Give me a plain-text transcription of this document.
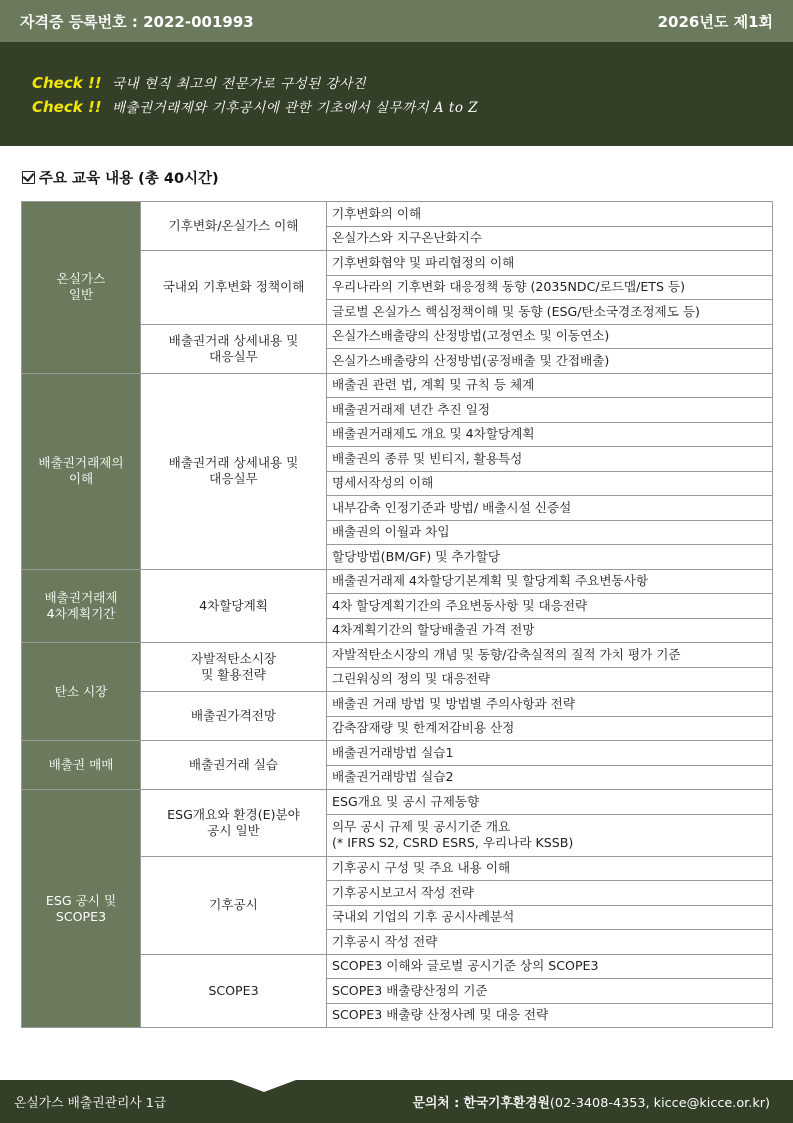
자격증 등록번호 : 2022-001993	2026년도 제1회
Check !! 국내 현직 최고의 전문가로 구성된 강사진
Check !! 배출권거래제와 기후공시에 관한 기초에서 실무까지 A to Z
주요 교육 내용 (총 40시간)
온실가스
일반	기후변화/온실가스 이해	기후변화의 이해
		온실가스와 지구온난화지수
	국내외 기후변화 정책이해	기후변화협약 및 파리협정의 이해
		우리나라의 기후변화 대응정책 동향 (2035NDC/로드맵/ETS 등)
		글로벌 온실가스 핵심정책이해 및 동향 (ESG/탄소국경조정제도 등)
	배출권거래 상세내용 및
대응실무	온실가스배출량의 산정방법(고정연소 및 이동연소)
		온실가스배출량의 산정방법(공정배출 및 간접배출)
배출권거래제의
이해	배출권거래 상세내용 및
대응실무	배출권 관련 법, 계획 및 규칙 등 체계
		배출권거래제 년간 추진 일정
		배출권거래제도 개요 및 4차할당계획
		배출권의 종류 및 빈티지, 활용특성
		명세서작성의 이해
		내부감축 인정기준과 방법/ 배출시설 신증설
		배출권의 이월과 차입
		할당방법(BM/GF) 및 추가할당
배출권거래제
4차계획기간	4차할당계획	배출권거래제 4차할당기본계획 및 할당계획 주요변동사항
		4차 할당계획기간의 주요변동사항 및 대응전략
		4차계획기간의 할당배출권 가격 전망
탄소 시장	자발적탄소시장
및 활용전략	자발적탄소시장의 개념 및 동향/감축실적의 질적 가치 평가 기준
		그린워싱의 정의 및 대응전략
	배출권가격전망	배출권 거래 방법 및 방법별 주의사항과 전략
		감축잠재량 및 한계저감비용 산정
배출권 매매	배출권거래 실습	배출권거래방법 실습1
		배출권거래방법 실습2
ESG 공시 및
SCOPE3	ESG개요와 환경(E)분야
공시 일반	ESG개요 및 공시 규제동향
		의무 공시 규제 및 공시기준 개요
(* IFRS S2, CSRD ESRS, 우리나라 KSSB)
	기후공시	기후공시 구성 및 주요 내용 이해
		기후공시보고서 작성 전략
		국내외 기업의 기후 공시사례분석
		기후공시 작성 전략
	SCOPE3	SCOPE3 이해와 글로벌 공시기준 상의 SCOPE3
		SCOPE3 배출량산정의 기준
		SCOPE3 배출량 산정사례 및 대응 전략
온실가스 배출권관리사 1급	문의처 : 한국기후환경원(02-3408-4353, kicce@kicce.or.kr)
